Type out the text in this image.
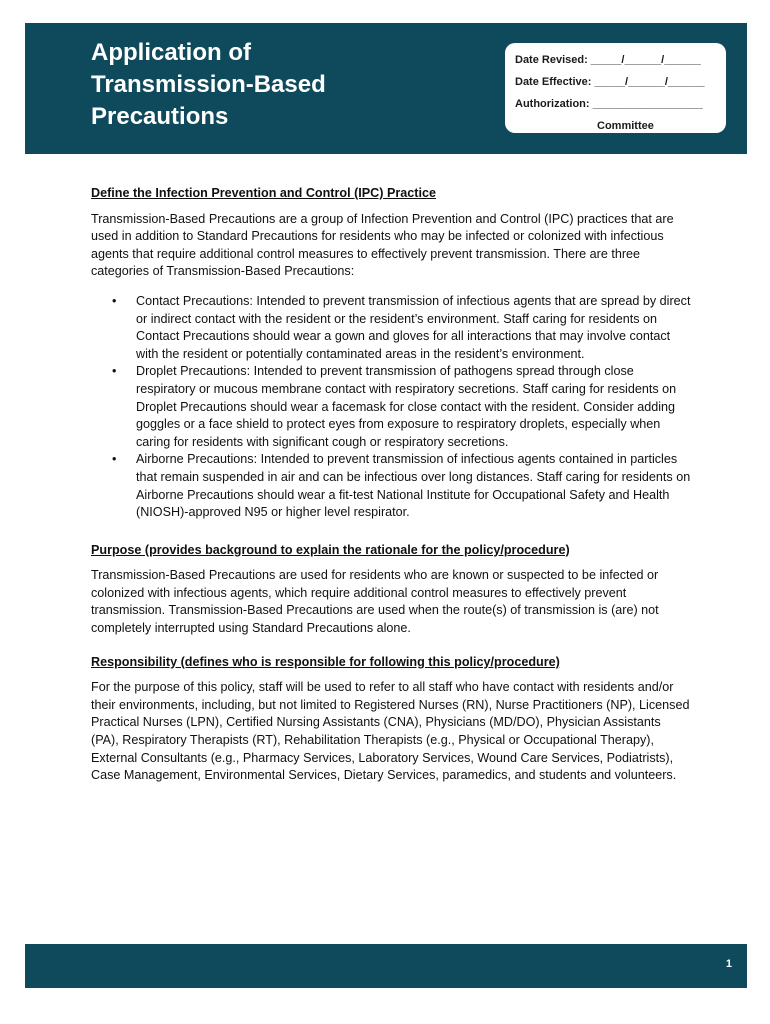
Application of
Transmission-Based
Precautions
Date Revised: _____/______/______
Date Effective: _____/______/______
Authorization: __________________
Committee
Define the Infection Prevention and Control (IPC) Practice

Transmission-Based Precautions are a group of Infection Prevention and Control (IPC) practices that are used in addition to Standard Precautions for residents who may be infected or colonized with infectious agents that require additional control measures to effectively prevent transmission. There are three categories of Transmission-Based Precautions:

• Contact Precautions: Intended to prevent transmission of infectious agents that are spread by direct or indirect contact with the resident or the resident’s environment. Staff caring for residents on Contact Precautions should wear a gown and gloves for all interactions that may involve contact with the resident or potentially contaminated areas in the resident’s environment.
• Droplet Precautions: Intended to prevent transmission of pathogens spread through close respiratory or mucous membrane contact with respiratory secretions. Staff caring for residents on Droplet Precautions should wear a facemask for close contact with the resident. Consider adding goggles or a face shield to protect eyes from exposure to respiratory droplets, especially when caring for residents with significant cough or respiratory secretions.
• Airborne Precautions: Intended to prevent transmission of infectious agents contained in particles that remain suspended in air and can be infectious over long distances. Staff caring for residents on Airborne Precautions should wear a fit-test National Institute for Occupational Safety and Health (NIOSH)-approved N95 or higher level respirator.
Purpose (provides background to explain the rationale for the policy/procedure)

Transmission-Based Precautions are used for residents who are known or suspected to be infected or colonized with infectious agents, which require additional control measures to effectively prevent transmission. Transmission-Based Precautions are used when the route(s) of transmission is (are) not completely interrupted using Standard Precautions alone.

Responsibility (defines who is responsible for following this policy/procedure)

For the purpose of this policy, staff will be used to refer to all staff who have contact with residents and/or their environments, including, but not limited to Registered Nurses (RN), Nurse Practitioners (NP), Licensed Practical Nurses (LPN), Certified Nursing Assistants (CNA), Physicians (MD/DO), Physician Assistants (PA), Respiratory Therapists (RT), Rehabilitation Therapists (e.g., Physical or Occupational Therapy), External Consultants (e.g., Pharmacy Services, Laboratory Services, Wound Care Services, Podiatrists), Case Management, Environmental Services, Dietary Services, paramedics, and students and volunteers.

1
